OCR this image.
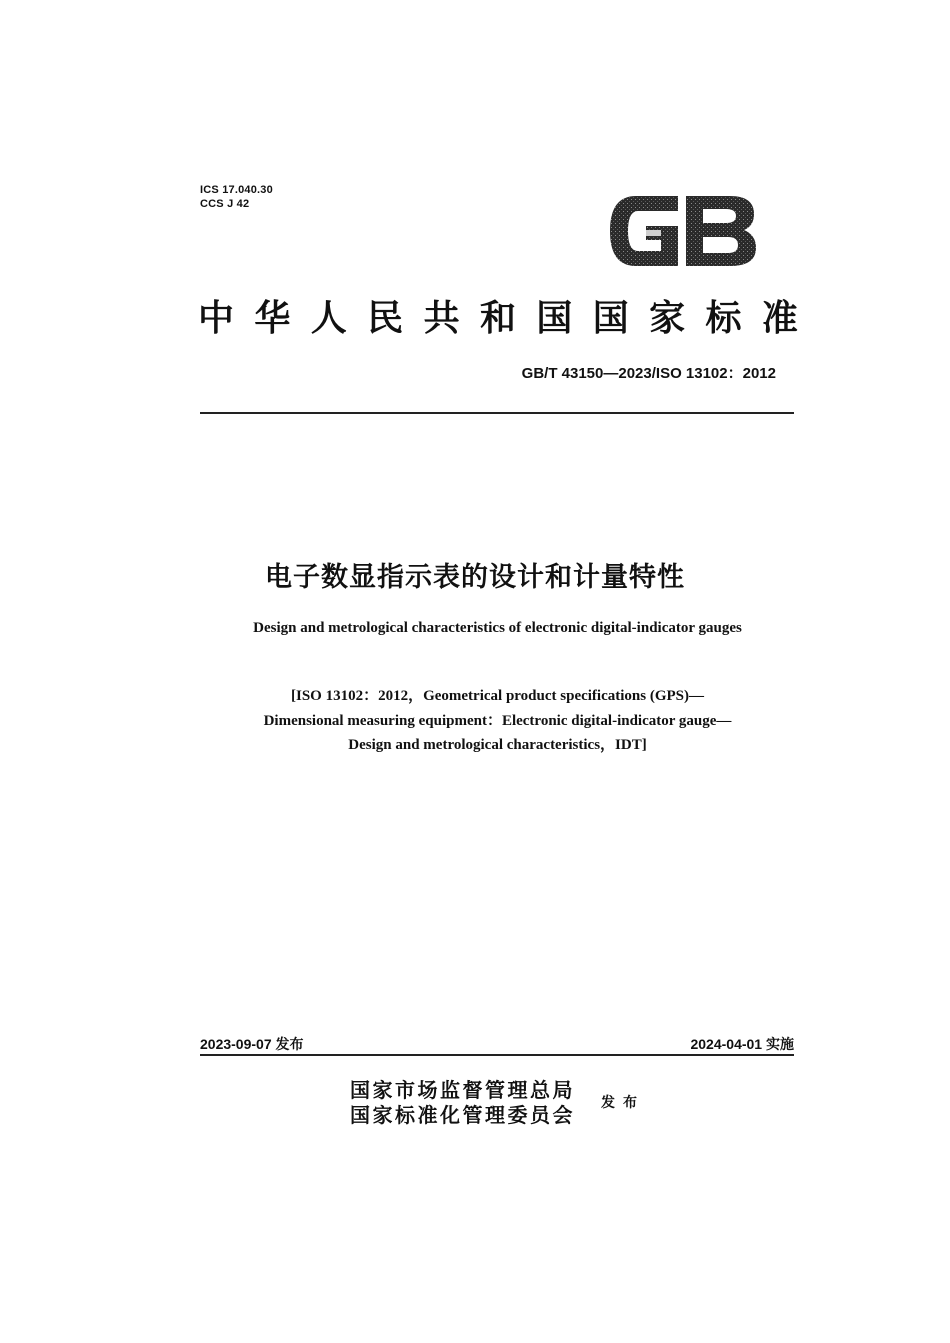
ICS 17.040.30
CCS J 42
中 华 人 民 共 和 国 国 家 标 准
GB/T 43150—2023/ISO 13102：2012
电子数显指示表的设计和计量特性
Design and metrological characteristics of electronic digital-indicator gauges
[ISO 13102：2012，Geometrical product specifications (GPS)—
Dimensional measuring equipment：Electronic digital-indicator gauge—
Design and metrological characteristics，IDT]
2023-09-07 发布	2024-04-01 实施
国家市场监督管理总局
国家标准化管理委员会 发布
